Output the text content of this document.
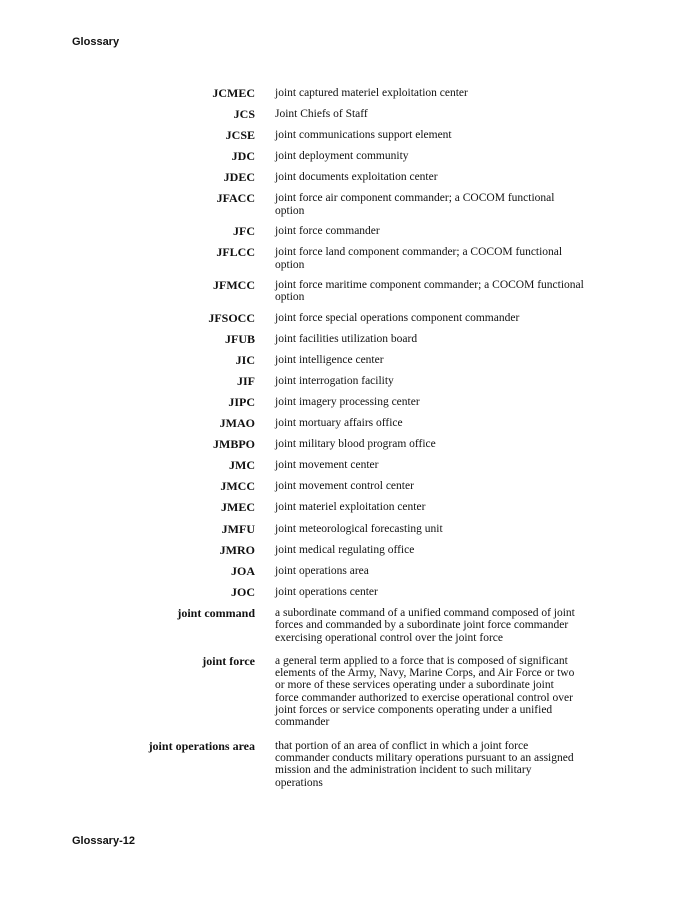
Glossary
JCMEC joint captured materiel exploitation center
JCS Joint Chiefs of Staff
JCSE joint communications support element
JDC joint deployment community
JDEC joint documents exploitation center
JFACC joint force air component commander; a COCOM functional option
JFC joint force commander
JFLCC joint force land component commander; a COCOM functional option
JFMCC joint force maritime component commander; a COCOM functional option
JFSOCC joint force special operations component commander
JFUB joint facilities utilization board
JIC joint intelligence center
JIF joint interrogation facility
JIPC joint imagery processing center
JMAO joint mortuary affairs office
JMBPO joint military blood program office
JMC joint movement center
JMCC joint movement control center
JMEC joint materiel exploitation center
JMFU joint meteorological forecasting unit
JMRO joint medical regulating office
JOA joint operations area
JOC joint operations center
joint command a subordinate command of a unified command composed of joint forces and commanded by a subordinate joint force commander exercising operational control over the joint force
joint force a general term applied to a force that is composed of significant elements of the Army, Navy, Marine Corps, and Air Force or two or more of these services operating under a subordinate joint force commander authorized to exercise operational control over joint forces or service components operating under a unified commander
joint operations area that portion of an area of conflict in which a joint force commander conducts military operations pursuant to an assigned mission and the administration incident to such military operations
Glossary-12
